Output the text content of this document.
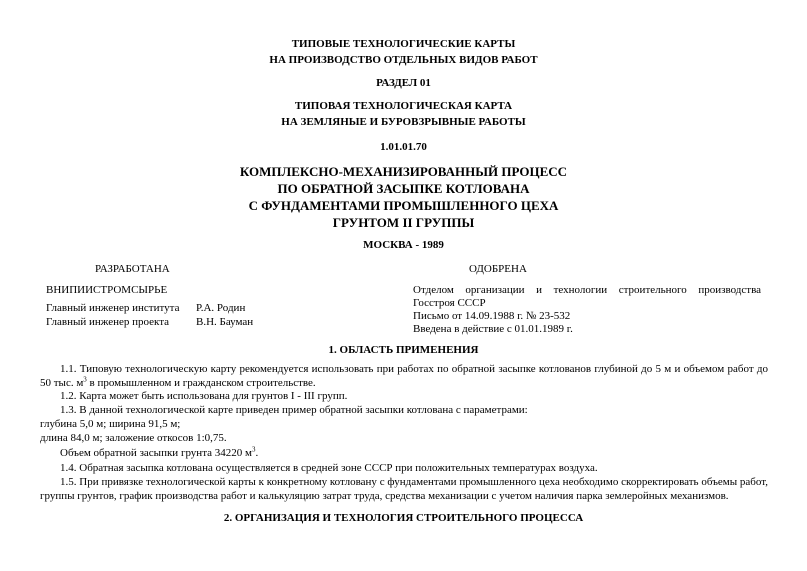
ТИПОВЫЕ ТЕХНОЛОГИЧЕСКИЕ КАРТЫ
НА ПРОИЗВОДСТВО ОТДЕЛЬНЫХ ВИДОВ РАБОТ
РАЗДЕЛ 01
ТИПОВАЯ ТЕХНОЛОГИЧЕСКАЯ КАРТА
НА ЗЕМЛЯНЫЕ И БУРОВЗРЫВНЫЕ РАБОТЫ
1.01.01.70
КОМПЛЕКСНО-МЕХАНИЗИРОВАННЫЙ ПРОЦЕСС
ПО ОБРАТНОЙ ЗАСЫПКЕ КОТЛОВАНА
С ФУНДАМЕНТАМИ ПРОМЫШЛЕННОГО ЦЕХА
ГРУНТОМ II ГРУППЫ
МОСКВА - 1989
РАЗРАБОТАНА
ВНИПИИСТРОМСЫРЬЕ
Главный инженер института Р.А. Родин
Главный инженер проекта В.Н. Бауман
ОДОБРЕНА
Отделом организации и технологии строительного производства
Госстроя СССР
Письмо от 14.09.1988 г. № 23-532
Введена в действие с 01.01.1989 г.
1. ОБЛАСТЬ ПРИМЕНЕНИЯ
1.1. Типовую технологическую карту рекомендуется использовать при работах по обратной засыпке котлованов глубиной до 5 м и объемом работ до 50 тыс. $м^3$ в промышленном и гражданском строительстве.
1.2. Карта может быть использована для грунтов I - III групп.
1.3. В данной технологической карте приведен пример обратной засыпки котлована с параметрами:
глубина 5,0 м; ширина 91,5 м;
длина 84,0 м; заложение откосов 1:0,75.
Объем обратной засыпки грунта 34220 $м^3$.
1.4. Обратная засыпка котлована осуществляется в средней зоне СССР при положительных температурах воздуха.
1.5. При привязке технологической карты к конкретному котловану с фундаментами промышленного цеха необходимо скорректировать объемы работ, группы грунтов, график производства работ и калькуляцию затрат труда, средства механизации с учетом наличия парка землеройных механизмов.
2. ОРГАНИЗАЦИЯ И ТЕХНОЛОГИЯ СТРОИТЕЛЬНОГО ПРОЦЕССА
